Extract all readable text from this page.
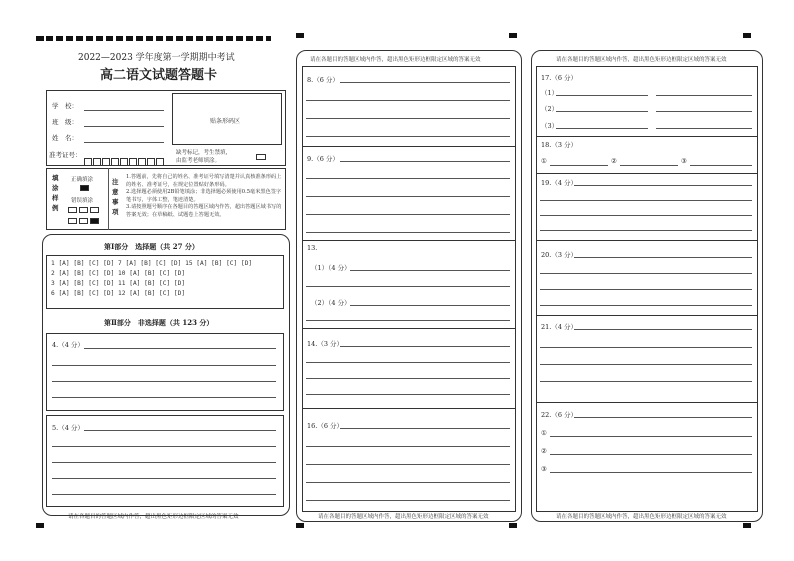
2022—2023 学年度第一学期期中考试
高二语文试题答题卡
学　校：
班　级：
姓　名：
准考证号：
贴条形码区
缺考标记，考生禁填，
由监考老师填涂。
填涂样例
正确填涂
错误填涂

注意事项
1.答题前，先将自己的姓名、准考证号填写清楚并认真核准条形码上的姓名、准考证号，在规定位置贴好条形码。
2.选择题必须使用2B铅笔填涂；非选择题必须使用0.5毫米黑色签字笔书写，字体工整，笔迹清楚。
3.请按照题号顺序在各题目的答题区域内作答，超出答题区域书写的答案无效；在草稿纸、试题卷上答题无效。
第Ⅰ部分　选择题（共 27 分）
1 [A] [B] [C] [D] 7 [A] [B] [C] [D] 15 [A] [B] [C] [D]
2 [A] [B] [C] [D] 10 [A] [B] [C] [D]
3 [A] [B] [C] [D] 11 [A] [B] [C] [D]
6 [A] [B] [C] [D] 12 [A] [B] [C] [D]
第Ⅱ部分　非选择题（共 123 分）
4.（4 分）
5.（4 分）
请在各题目的答题区域内作答，超出黑色矩形边框限定区域的答案无效
请在各题目的答题区域内作答，超出黑色矩形边框限定区域的答案无效
8.（6 分）
9.（6 分）
13.
（1）（4 分）
（2）（4 分）
14.（3 分）
16.（6 分）
请在各题目的答题区域内作答，超出黑色矩形边框限定区域的答案无效
请在各题目的答题区域内作答，超出黑色矩形边框限定区域的答案无效
17.（6 分）
（1）
（2）
（3）
18.（3 分）
①	②	③
19.（4 分）
20.（3 分）
21.（4 分）
22.（6 分）
①
②
③
请在各题目的答题区域内作答，超出黑色矩形边框限定区域的答案无效
